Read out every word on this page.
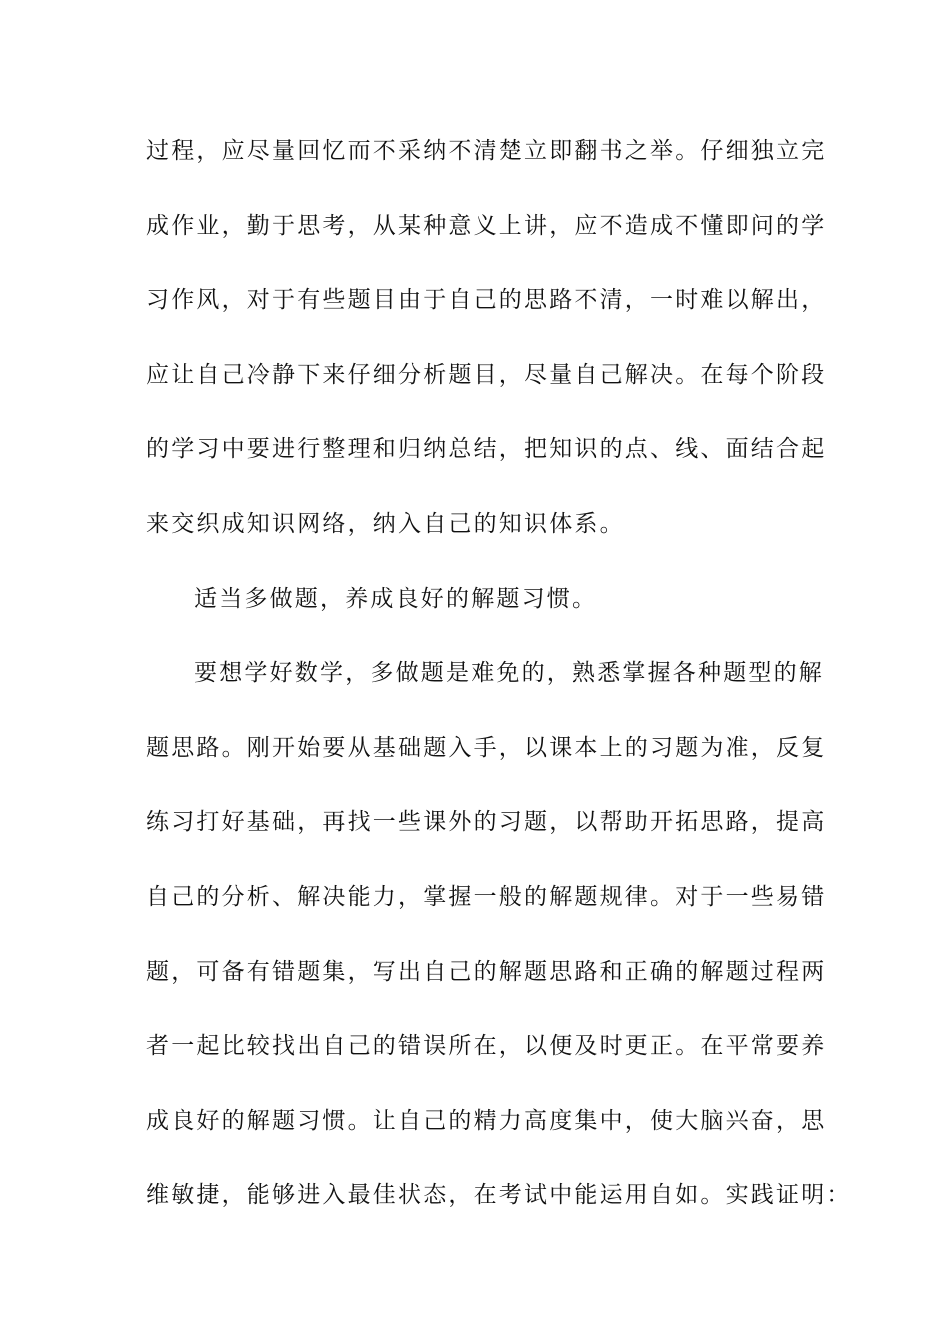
过程，应尽量回忆而不采纳不清楚立即翻书之举。仔细独立完
成作业，勤于思考，从某种意义上讲，应不造成不懂即问的学
习作风，对于有些题目由于自己的思路不清，一时难以解出，
应让自己冷静下来仔细分析题目，尽量自己解决。在每个阶段
的学习中要进行整理和归纳总结，把知识的点、线、面结合起
来交织成知识网络，纳入自己的知识体系。
适当多做题，养成良好的解题习惯。
要想学好数学，多做题是难免的，熟悉掌握各种题型的解
题思路。刚开始要从基础题入手，以课本上的习题为准，反复
练习打好基础，再找一些课外的习题，以帮助开拓思路，提高
自己的分析、解决能力，掌握一般的解题规律。对于一些易错
题，可备有错题集，写出自己的解题思路和正确的解题过程两
者一起比较找出自己的错误所在，以便及时更正。在平常要养
成良好的解题习惯。让自己的精力高度集中，使大脑兴奋，思
维敏捷，能够进入最佳状态，在考试中能运用自如。实践证明：
